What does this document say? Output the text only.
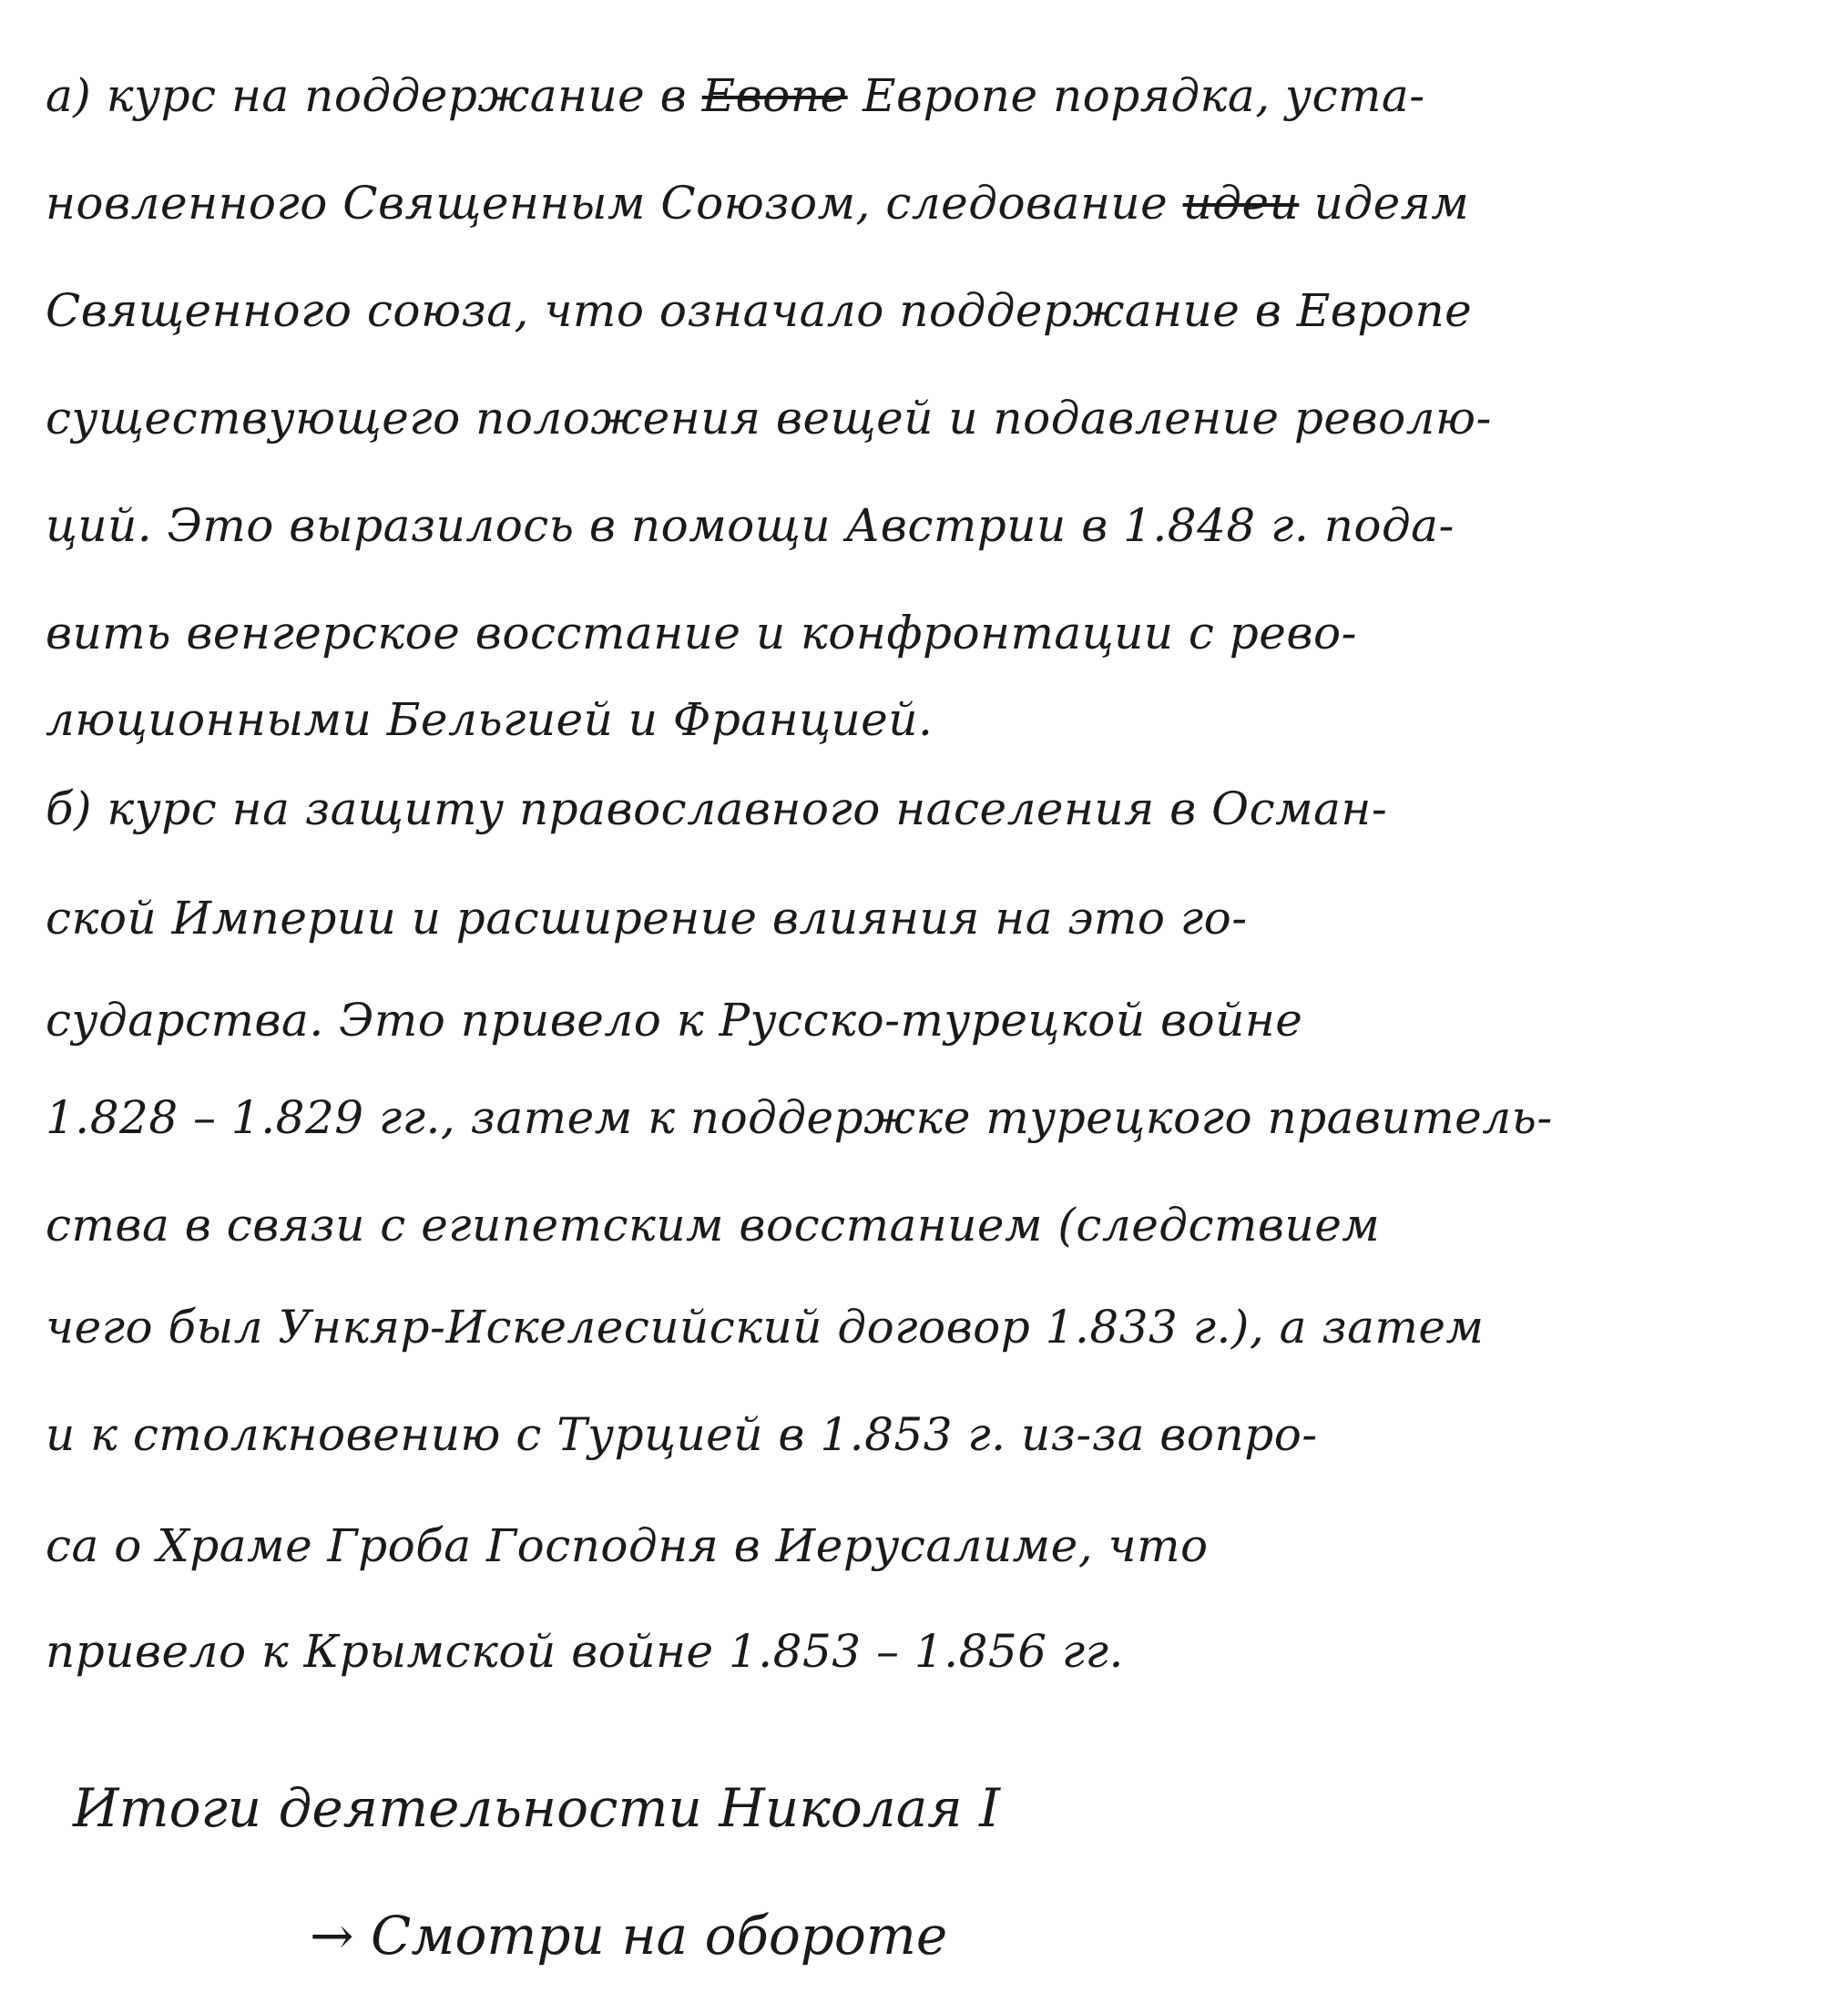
а) курс на поддержание в Евопе Европе порядка, уста-
новленного Священным Союзом, следование идеи идеям
Священного союза, что означало поддержание в Европе
существующего положения вещей и подавление револю-
ций. Это выразилось в помощи Австрии в 1.848 г. пода-
вить венгерское восстание и конфронтации с рево-
люционными Бельгией и Францией.
б) курс на защиту православного населения в Осман-
ской Империи и расширение влияния на это го-
сударства. Это привело к Русско-турецкой войне
1.828 – 1.829 гг., затем к поддержке турецкого правитель-
ства в связи с египетским восстанием (следствием
чего был Ункяр-Искелесийский договор 1.833 г.), а затем
и к столкновению с Турцией в 1.853 г. из-за вопро-
са о Храме Гроба Господня в Иерусалиме, что
привело к Крымской войне 1.853 – 1.856 гг.
Итоги деятельности Николая I
→ Смотри на обороте
